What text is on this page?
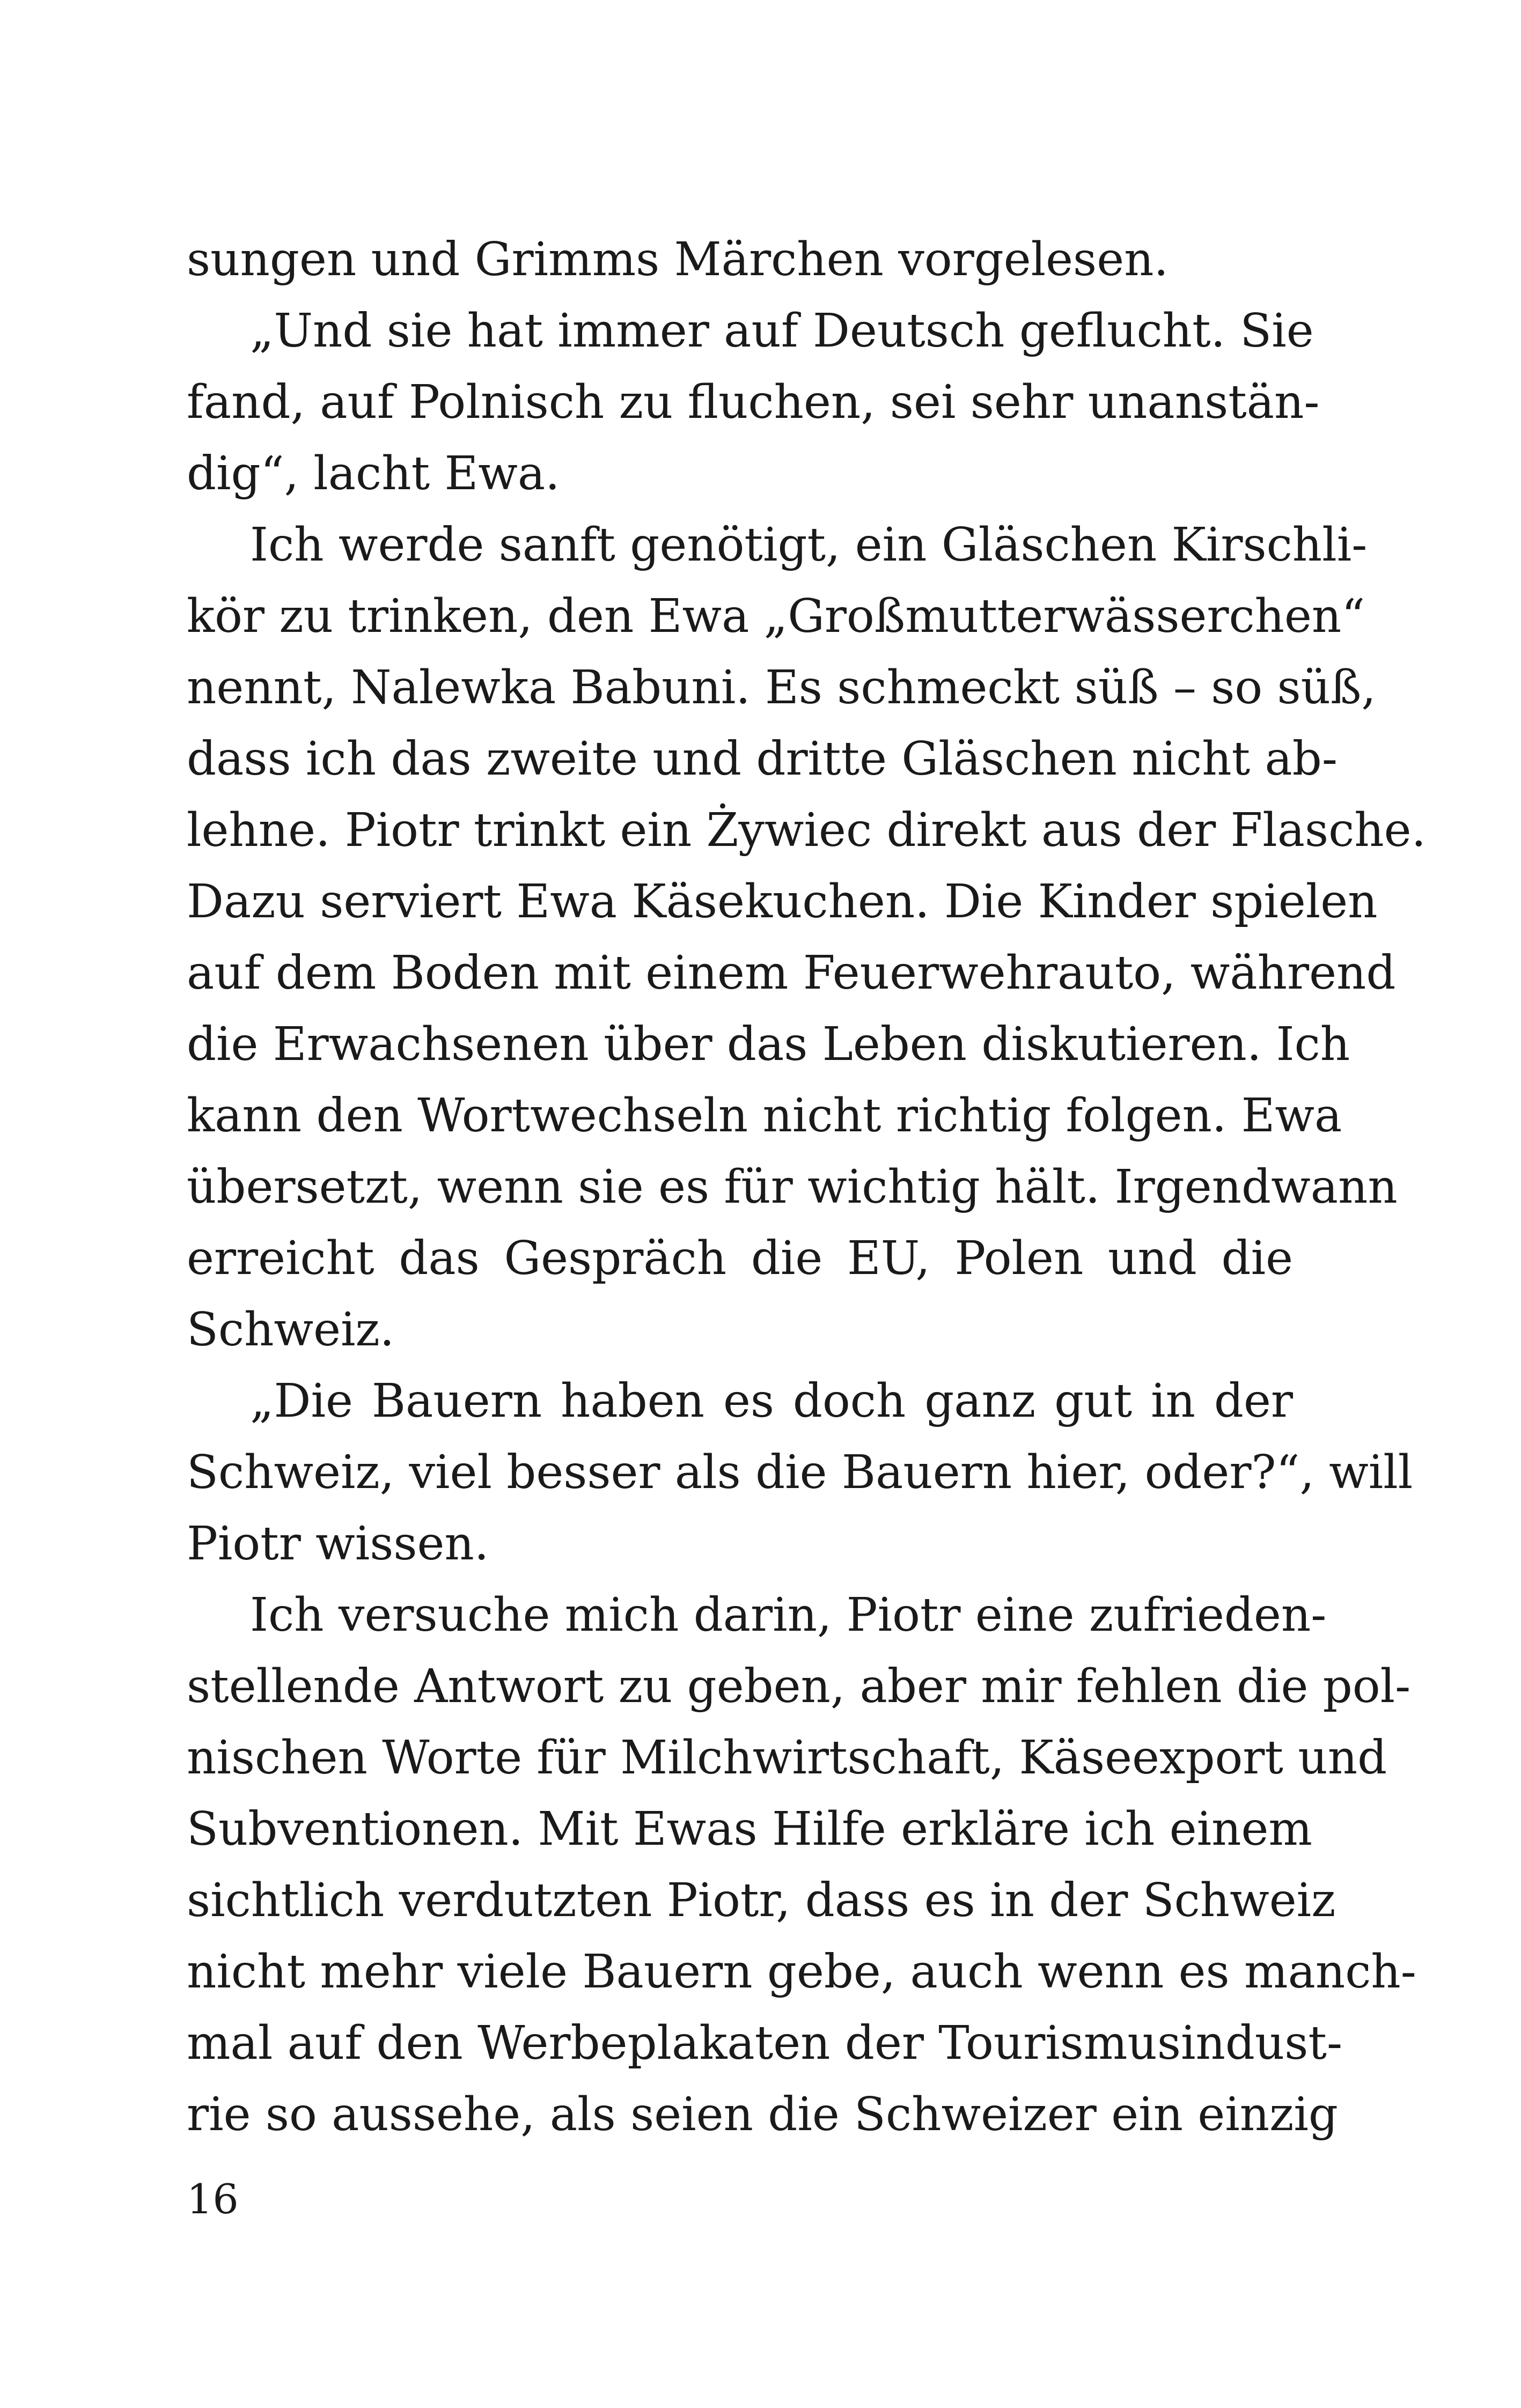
sungen und Grimms Märchen vorgelesen.
„Und sie hat immer auf Deutsch geflucht. Sie
fand, auf Polnisch zu fluchen, sei sehr unanstän-
dig“, lacht Ewa.
Ich werde sanft genötigt, ein Gläschen Kirschli-
kör zu trinken, den Ewa „Großmutterwässerchen“
nennt, Nalewka Babuni. Es schmeckt süß – so süß,
dass ich das zweite und dritte Gläschen nicht ab-
lehne. Piotr trinkt ein Żywiec direkt aus der Flasche.
Dazu serviert Ewa Käsekuchen. Die Kinder spielen
auf dem Boden mit einem Feuerwehrauto, während
die Erwachsenen über das Leben diskutieren. Ich
kann den Wortwechseln nicht richtig folgen. Ewa
übersetzt, wenn sie es für wichtig hält. Irgendwann
erreicht das Gespräch die EU, Polen und die
Schweiz.
„Die Bauern haben es doch ganz gut in der
Schweiz, viel besser als die Bauern hier, oder?“, will
Piotr wissen.
Ich versuche mich darin, Piotr eine zufrieden-
stellende Antwort zu geben, aber mir fehlen die pol-
nischen Worte für Milchwirtschaft, Käseexport und
Subventionen. Mit Ewas Hilfe erkläre ich einem
sichtlich verdutzten Piotr, dass es in der Schweiz
nicht mehr viele Bauern gebe, auch wenn es manch-
mal auf den Werbeplakaten der Tourismusindust-
rie so aussehe, als seien die Schweizer ein einzig
16
